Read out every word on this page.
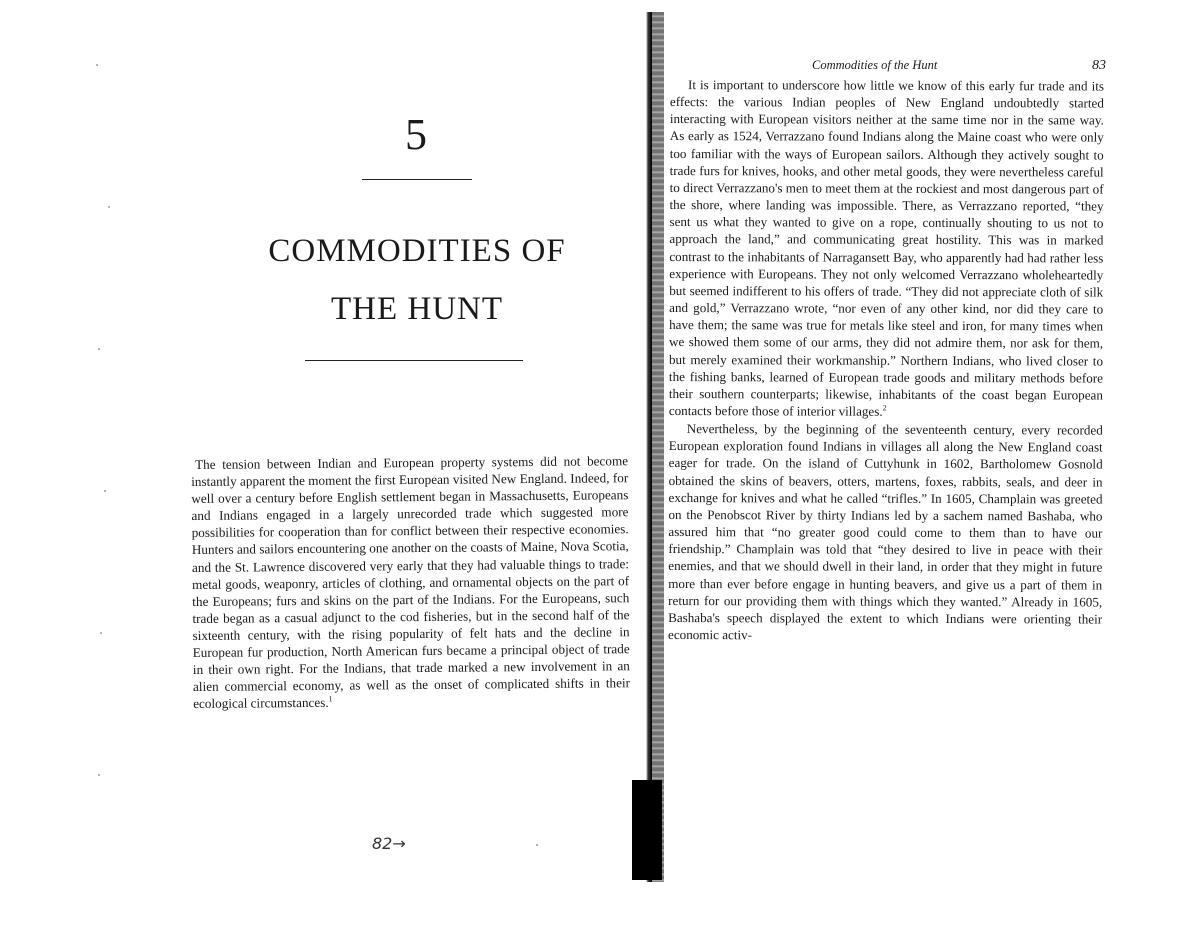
5
COMMODITIES OF
THE HUNT

The tension between Indian and European property systems did not become instantly apparent the moment the first European visited New England. Indeed, for well over a century before English settlement began in Massachusetts, Europeans and Indians engaged in a largely unrecorded trade which suggested more possibilities for cooperation than for conflict between their respective economies. Hunters and sailors encountering one another on the coasts of Maine, Nova Scotia, and the St. Lawrence discovered very early that they had valuable things to trade: metal goods, weaponry, articles of clothing, and ornamental objects on the part of the Europeans; furs and skins on the part of the Indians. For the Europeans, such trade began as a casual adjunct to the cod fisheries, but in the second half of the sixteenth century, with the rising popularity of felt hats and the decline in European fur production, North American furs became a principal object of trade in their own right. For the Indians, that trade marked a new involvement in an alien commercial economy, as well as the onset of complicated shifts in their ecological circumstances.$^1$

82→
Commodities of the Hunt	83

It is important to underscore how little we know of this early fur trade and its effects: the various Indian peoples of New England undoubtedly started interacting with European visitors neither at the same time nor in the same way. As early as 1524, Verrazzano found Indians along the Maine coast who were only too familiar with the ways of European sailors. Although they actively sought to trade furs for knives, hooks, and other metal goods, they were nevertheless careful to direct Verrazzano's men to meet them at the rockiest and most dangerous part of the shore, where landing was impossible. There, as Verrazzano reported, “they sent us what they wanted to give on a rope, continually shouting to us not to approach the land,” and communicating great hostility. This was in marked contrast to the inhabitants of Narragansett Bay, who apparently had had rather less experience with Europeans. They not only welcomed Verrazzano wholeheartedly but seemed indifferent to his offers of trade. “They did not appreciate cloth of silk and gold,” Verrazzano wrote, “nor even of any other kind, nor did they care to have them; the same was true for metals like steel and iron, for many times when we showed them some of our arms, they did not admire them, nor ask for them, but merely examined their workmanship.” Northern Indians, who lived closer to the fishing banks, learned of European trade goods and military methods before their southern counterparts; likewise, inhabitants of the coast began European contacts before those of interior villages.$^2$

Nevertheless, by the beginning of the seventeenth century, every recorded European exploration found Indians in villages all along the New England coast eager for trade. On the island of Cuttyhunk in 1602, Bartholomew Gosnold obtained the skins of beavers, otters, martens, foxes, rabbits, seals, and deer in exchange for knives and what he called “trifles.” In 1605, Champlain was greeted on the Penobscot River by thirty Indians led by a sachem named Bashaba, who assured him that “no greater good could come to them than to have our friendship.” Champlain was told that “they desired to live in peace with their enemies, and that we should dwell in their land, in order that they might in future more than ever before engage in hunting beavers, and give us a part of them in return for our providing them with things which they wanted.” Already in 1605, Bashaba's speech displayed the extent to which Indians were orienting their economic activ-
